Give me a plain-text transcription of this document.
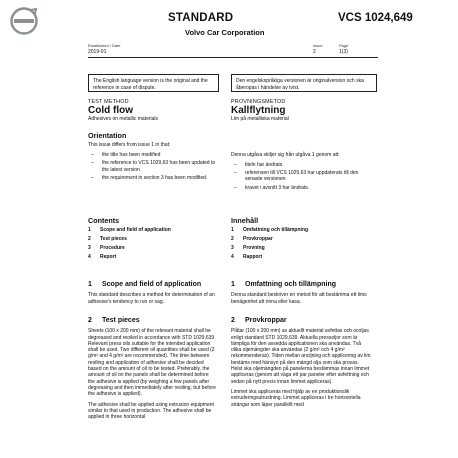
STANDARD	VCS 1024,649
Volvo Car Corporation
Established / Date
2019-01
Issue
2
Page
1(3)
The English language version is the original and the reference in case of dispute.
Den engelskspråkiga versionen är originalversion och ska åberopas i händelse av tvist.
TEST METHOD
Cold flow
Adhesives on metallic materials
Orientation

This issue differs from issue 1 in that:

– the title has been modified
– the reference to VCS 1029,63 has been updated to the latest version
– the requirement in section 3 has been modified.
Contents
1 Scope and field of application
2 Test pieces
3 Procedure
4 Report
1 Scope and field of application

This standard describes a method for determination of an adhesive's tendency to run or sag.

2 Test pieces

Sheets (100 x 200 mm) of the relevant material shall be degreased and reoiled in accordance with STD 1029,639. Relevant press oils suitable for the intended application shall be used. Two different oil quantities shall be used (2 g/m² and 4 g/m² are recommended). The time between reoiling and application of adhesive shall be decided based on the amount of oil to be tested. Preferably, the amount of oil on the panels shall be determined before the adhesive is applied (by weighing a few panels after degreasing and then immediately after reoiling, but before the adhesive is applied).

The adhesive shall be applied using extrusion equipment similar to that used in production. The adhesive shall be applied in three horizontal

PROVNINGSMETOD
Kallflytning
Lim på metalliska material

Denna utgåva skiljer sig från utgåva 1 genom att:

– titeln har ändrats
– referensen till VCS 1029,63 har uppdaterats till den senaste versionen
– kravet i avsnitt 3 har ändrats.
Innehåll
1 Omfattning och tillämpning
2 Provkroppar
3 Provning
4 Rapport
1 Omfattning och tillämpning

Denna standard beskriver en metod för att bestämma ett lims benägenhet att rinna eller kasa.

2 Provkroppar

Plåtar (100 x 200 mm) av aktuellt material avfettas och ocoljas enligt standard STD 1029,639. Aktuella pressoljor som är lämpliga för den avsedda applicationen ska användas. Två olika oljemängder ska användas (2 g/m² och 4 g/m² rekommenderas). Tiden mellan ancljning och applicering av lim bestäms med hänsyn på den mängd olja som ska provas. Helst ska oljemängden på panelerna bestämmas innan limmet appliceras (genom att väga ett par paneler efter avfettning och sedan på nytt precis innan limmet appliceras).

Limmet ska appliceras med hjälp av en produktionslik extruderingsutrustning. Limmet appliceras i tre horisontella strängar som läper parallellt med
